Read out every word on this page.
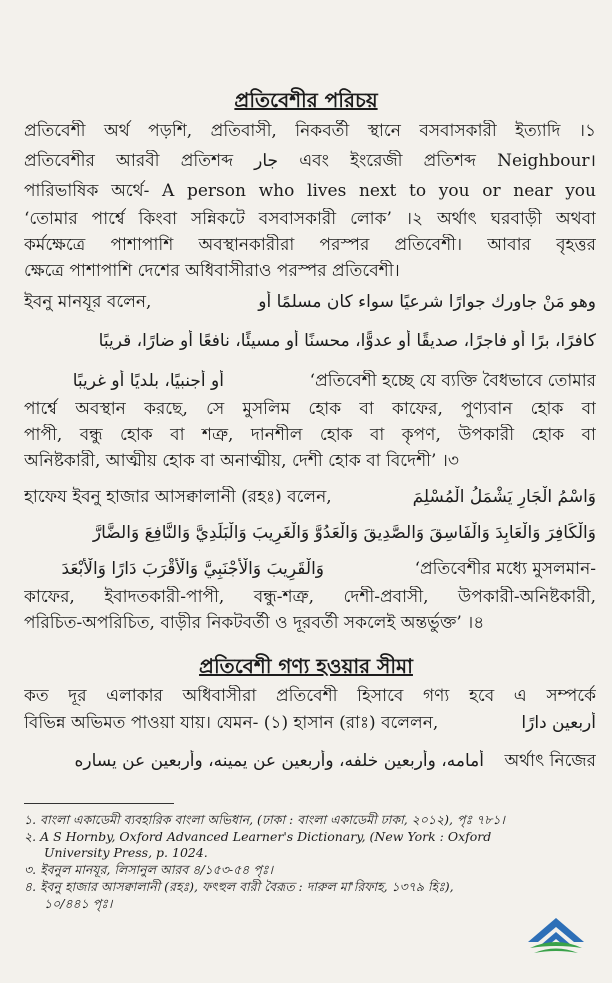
প্রতিবেশীর পরিচয়
প্রতিবেশী অর্থ পড়শি, প্রতিবাসী, নিকবর্তী স্থানে বসবাসকারী ইত্যাদি ।১
প্রতিবেশীর আরবী প্রতিশব্দ جار এবং ইংরেজী প্রতিশব্দ Neighbour।
পারিভাষিক অর্থে- A person who lives next to you or near you
‘তোমার পার্শ্বে কিংবা সন্নিকটে বসবাসকারী লোক’ ।২ অর্থাৎ ঘরবাড়ী অথবা
কর্মক্ষেত্রে পাশাপাশি অবস্থানকারীরা পরস্পর প্রতিবেশী। আবার বৃহত্তর
ক্ষেত্রে পাশাপাশি দেশের অধিবাসীরাও পরস্পর প্রতিবেশী।
ইবনু মানযূর বলেন,	وهو مَنْ جاورك جوارًا شرعيًا سواء كان مسلمًا أو
كافرًا، برًا أو فاجرًا، صديقًا أو عدوًّا، محسنًا أو مسيئًا، نافعًا أو ضارًا، قريبًا
أو أجنبيًا، بلديًا أو غريبًا	‘প্রতিবেশী হচ্ছে যে ব্যক্তি বৈধভাবে তোমার
পার্শ্বে অবস্থান করছে, সে মুসলিম হোক বা কাফের, পুণ্যবান হোক বা
পাপী, বন্ধু হোক বা শত্রু, দানশীল হোক বা কৃপণ, উপকারী হোক বা
অনিষ্টকারী, আত্মীয় হোক বা অনাত্মীয়, দেশী হোক বা বিদেশী’ ।৩
হাফেয ইবনু হাজার আসক্বালানী (রহঃ) বলেন,	وَاسْمُ الْجَارِ يَشْمَلُ الْمُسْلِمَ
وَالْكَافِرَ وَالْعَابِدَ وَالْفَاسِقَ وَالصَّدِيقَ وَالْعَدُوَّ وَالْغَرِيبَ وَالْبَلَدِيَّ وَالنَّافِعَ وَالضَّارَّ
وَالْقَرِيبَ وَالْأَجْنَبِيَّ وَالْأَقْرَبَ دَارًا وَالْأَبْعَدَ	‘প্রতিবেশীর মধ্যে মুসলমান-
কাফের, ইবাদতকারী-পাপী, বন্ধু-শত্রু, দেশী-প্রবাসী, উপকারী-অনিষ্টকারী,
পরিচিত-অপরিচিত, বাড়ীর নিকটবর্তী ও দূরবর্তী সকলেই অন্তর্ভুক্ত’ ।৪
প্রতিবেশী গণ্য হওয়ার সীমা
কত দূর এলাকার অধিবাসীরা প্রতিবেশী হিসাবে গণ্য হবে এ সম্পর্কে
বিভিন্ন অভিমত পাওয়া যায়। যেমন- (১) হাসান (রাঃ) বলেলন,	أربعين دارًا
أمامه، وأربعين خلفه، وأربعين عن يمينه، وأربعين عن يساره	অর্থাৎ নিজের
১. বাংলা একাডেমী ব্যবহারিক বাংলা অভিধান, (ঢাকা : বাংলা একাডেমী ঢাকা, ২০১২), পৃঃ ৭৮১।
২. A S Hornby, Oxford Advanced Learner's Dictionary, (New York : Oxford
University Press, p. 1024.
৩. ইবনুল মানযূর, লিসানুল আরব ৪/১৫৩-৫৪ পৃঃ।
৪. ইবনু হাজার আসক্বালানী (রহঃ), ফৎহুল বারী বৈরূত : দারুল মা'রিফাহ, ১৩৭৯ হিঃ),
১০/৪৪১ পৃঃ।
